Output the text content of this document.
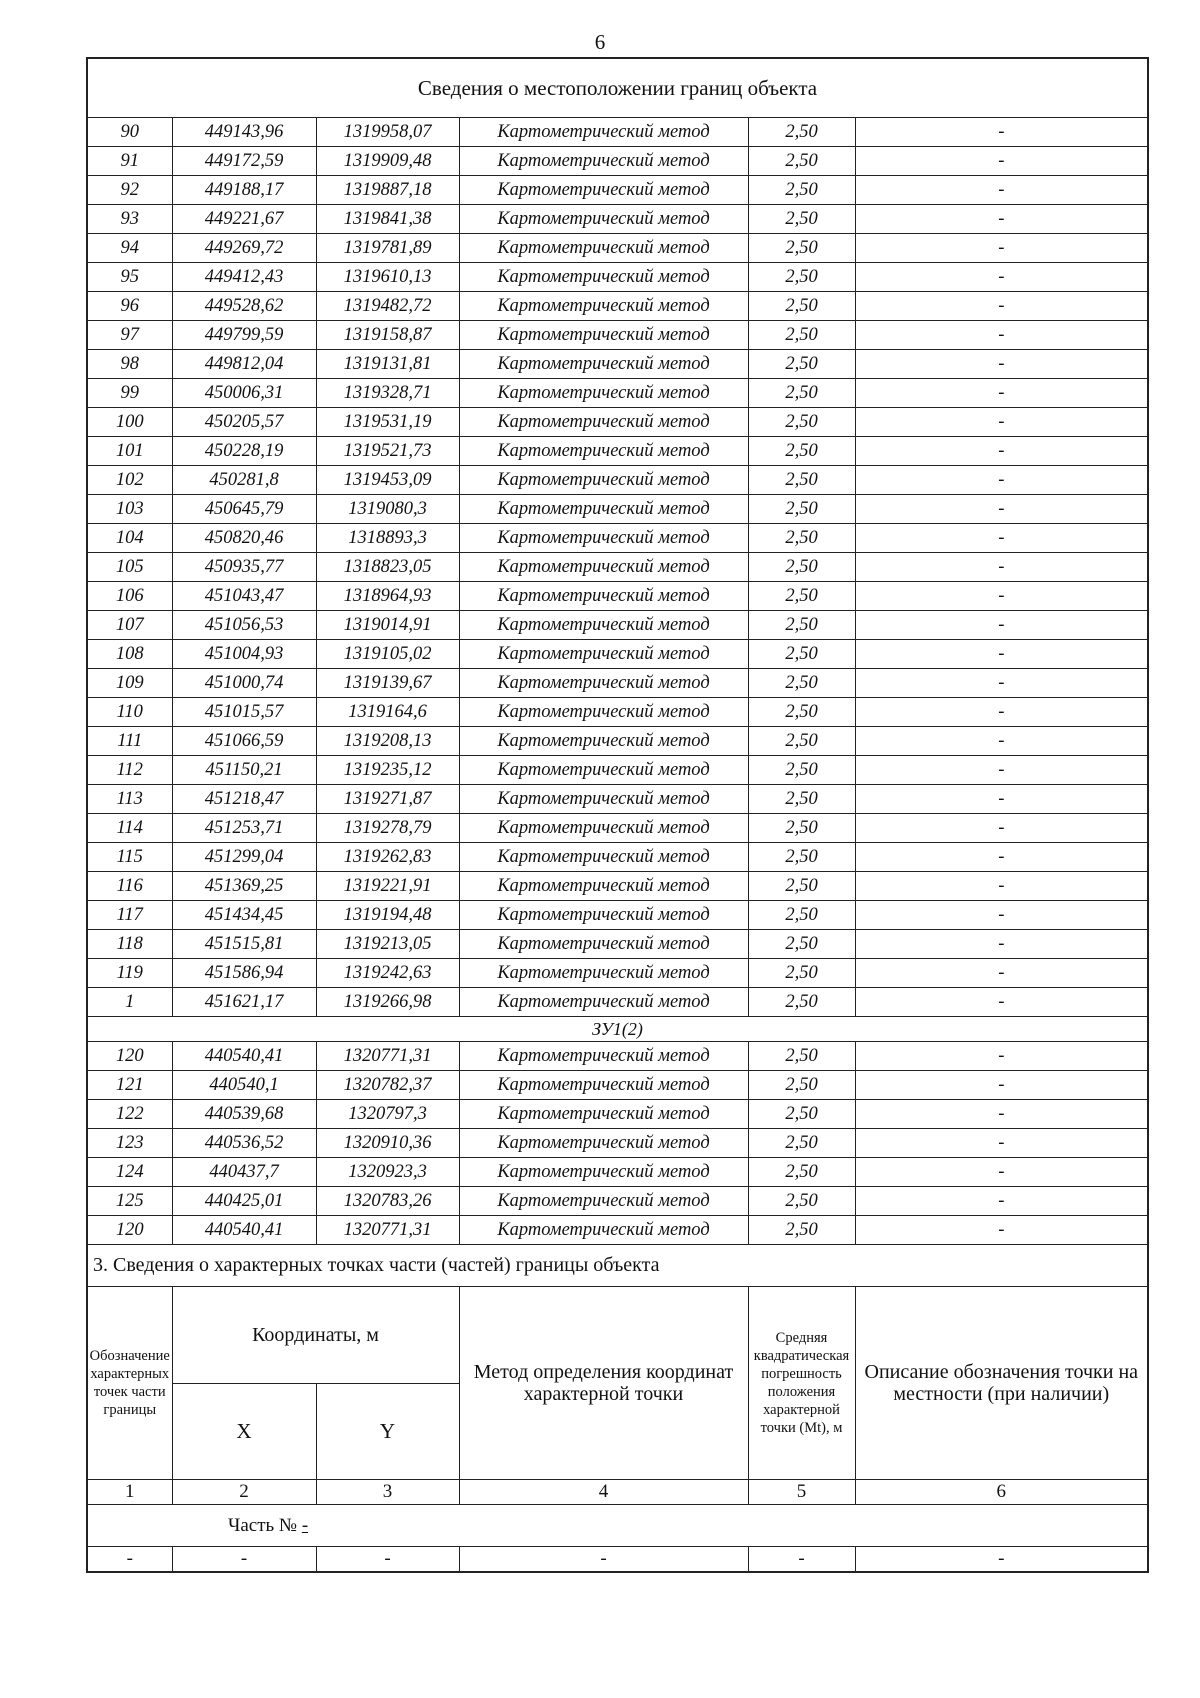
6
Сведения о местоположении границ объекта					
90	449143,96	1319958,07	Картометрический метод	2,50	-
91	449172,59	1319909,48	Картометрический метод	2,50	-
92	449188,17	1319887,18	Картометрический метод	2,50	-
93	449221,67	1319841,38	Картометрический метод	2,50	-
94	449269,72	1319781,89	Картометрический метод	2,50	-
95	449412,43	1319610,13	Картометрический метод	2,50	-
96	449528,62	1319482,72	Картометрический метод	2,50	-
97	449799,59	1319158,87	Картометрический метод	2,50	-
98	449812,04	1319131,81	Картометрический метод	2,50	-
99	450006,31	1319328,71	Картометрический метод	2,50	-
100	450205,57	1319531,19	Картометрический метод	2,50	-
101	450228,19	1319521,73	Картометрический метод	2,50	-
102	450281,8	1319453,09	Картометрический метод	2,50	-
103	450645,79	1319080,3	Картометрический метод	2,50	-
104	450820,46	1318893,3	Картометрический метод	2,50	-
105	450935,77	1318823,05	Картометрический метод	2,50	-
106	451043,47	1318964,93	Картометрический метод	2,50	-
107	451056,53	1319014,91	Картометрический метод	2,50	-
108	451004,93	1319105,02	Картометрический метод	2,50	-
109	451000,74	1319139,67	Картометрический метод	2,50	-
110	451015,57	1319164,6	Картометрический метод	2,50	-
111	451066,59	1319208,13	Картометрический метод	2,50	-
112	451150,21	1319235,12	Картометрический метод	2,50	-
113	451218,47	1319271,87	Картометрический метод	2,50	-
114	451253,71	1319278,79	Картометрический метод	2,50	-
115	451299,04	1319262,83	Картометрический метод	2,50	-
116	451369,25	1319221,91	Картометрический метод	2,50	-
117	451434,45	1319194,48	Картометрический метод	2,50	-
118	451515,81	1319213,05	Картометрический метод	2,50	-
119	451586,94	1319242,63	Картометрический метод	2,50	-
1	451621,17	1319266,98	Картометрический метод	2,50	-
ЗУ1(2)					
120	440540,41	1320771,31	Картометрический метод	2,50	-
121	440540,1	1320782,37	Картометрический метод	2,50	-
122	440539,68	1320797,3	Картометрический метод	2,50	-
123	440536,52	1320910,36	Картометрический метод	2,50	-
124	440437,7	1320923,3	Картометрический метод	2,50	-
125	440425,01	1320783,26	Картометрический метод	2,50	-
120	440540,41	1320771,31	Картометрический метод	2,50	-
3. Сведения о характерных точках части (частей) границы объекта					
Обозначение характерных точек части границы	Координаты, м		Метод определения координат характерной точки	Средняя квадратическая погрешность положения характерной точки (Mt), м	Описание обозначения точки на местности (при наличии)
	X	Y			
1	2	3	4	5	6
Часть № -					
-	-	-	-	-	-
